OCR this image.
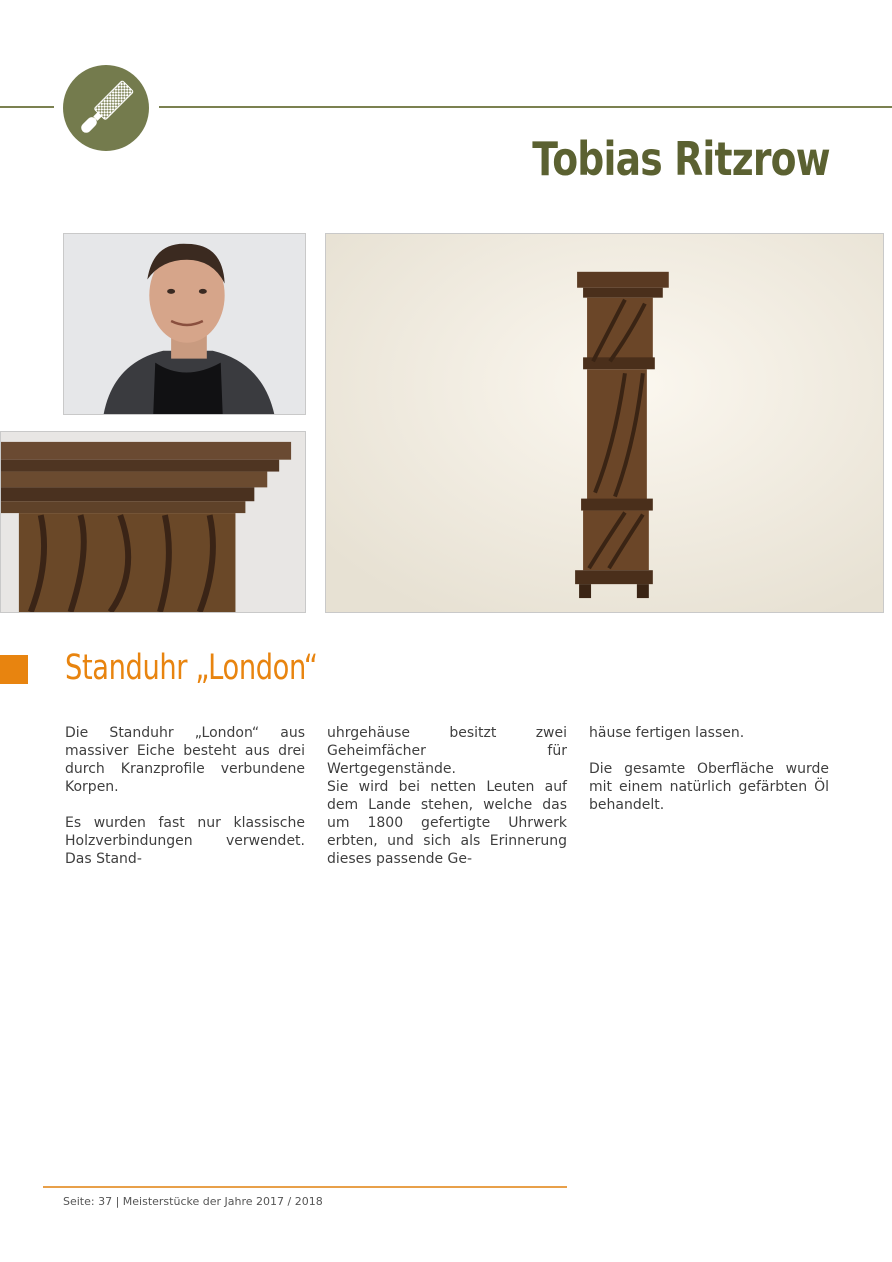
Tobias Ritzrow
Standuhr „London“

Die Standuhr „London“ aus massiver Eiche besteht aus drei durch Kranzprofile verbundene Korpen.

Es wurden fast nur klassische Holzverbindungen verwendet. Das Stand-

uhrgehäuse besitzt zwei Geheimfächer für Wertgegenstände.

Sie wird bei netten Leuten auf dem Lande stehen, welche das um 1800 gefertigte Uhrwerk erbten, und sich als Erinnerung dieses passende Ge-

häuse fertigen lassen.

Die gesamte Oberfläche wurde mit einem natürlich gefärbten Öl behandelt.

Seite: 37 | Meisterstücke der Jahre 2017 / 2018
